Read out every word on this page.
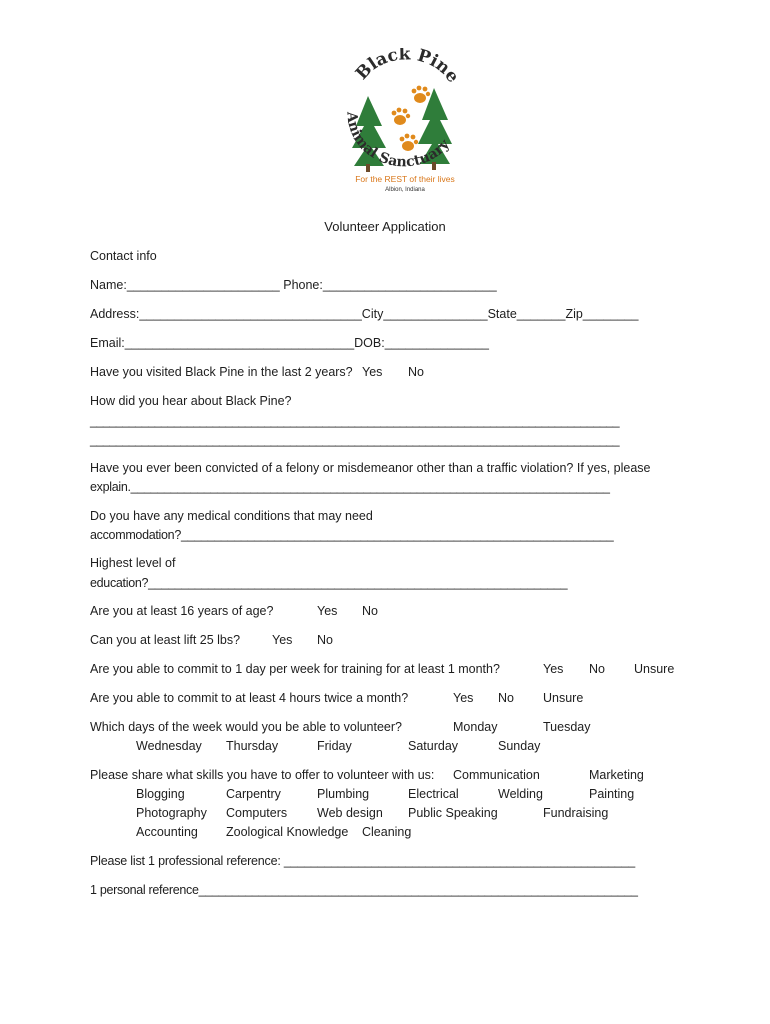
Black Pine
Animal Sanctuary
For the REST of their lives
Albion, Indiana
Volunteer Application
Contact info
Name:______________________ Phone:_________________________
Address:________________________________City_______________State_______Zip________
Email:_________________________________DOB:_______________
Have you visited Black Pine in the last 2 years? Yes No
How did you hear about Black Pine?
__________________________________________________________________________________
__________________________________________________________________________________
Have you ever been convicted of a felony or misdemeanor other than a traffic violation? If yes, please
explain.________________________________________________________________________
Do you have any medical conditions that may need
accommodation?_________________________________________________________________
Highest level of
education?_______________________________________________________________
Are you at least 16 years of age?	Yes No
Can you at least lift 25 lbs?	Yes No
Are you able to commit to 1 day per week for training for at least 1 month?	Yes No Unsure
Are you able to commit to at least 4 hours twice a month?	Yes No Unsure
Which days of the week would you be able to volunteer?	Monday	Tuesday
Wednesday Thursday	Friday	Saturday	Sunday
Please share what skills you have to offer to volunteer with us: Communication	Marketing
Blogging	Carpentry	Plumbing	Electrical	Welding	Painting
Photography Computers Web design Public Speaking	Fundraising
Accounting Zoological Knowledge Cleaning
Please list 1 professional reference: ____________________________________________________
1 personal reference__________________________________________________________________
